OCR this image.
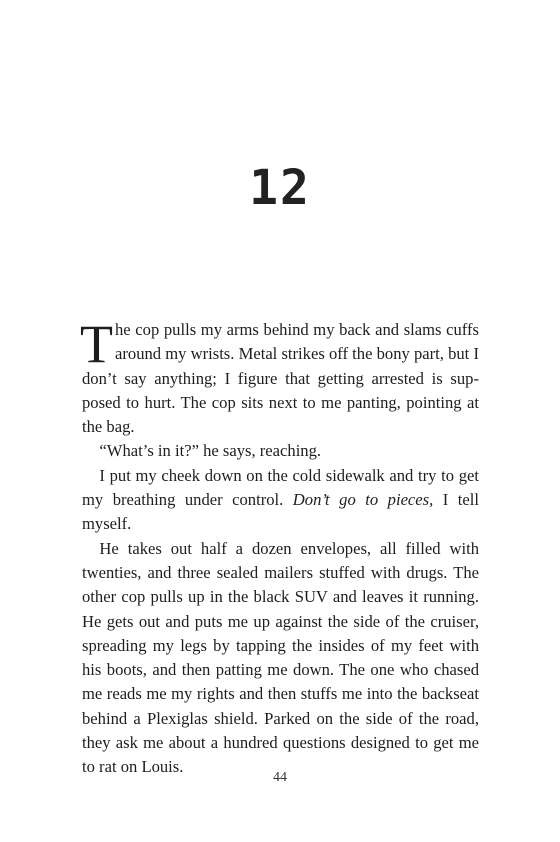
12

The cop pulls my arms behind my back and slams cuffs around my wrists. Metal strikes off the bony part, but I don’t say anything; I figure that getting arrested is supposed to hurt. The cop sits next to me panting, pointing at the bag.

“What’s in it?” he says, reaching.

I put my cheek down on the cold sidewalk and try to get my breathing under control. Don’t go to pieces, I tell myself.

He takes out half a dozen envelopes, all filled with twenties, and three sealed mailers stuffed with drugs. The other cop pulls up in the black SUV and leaves it running. He gets out and puts me up against the side of the cruiser, spreading my legs by tapping the insides of my feet with his boots, and then patting me down. The one who chased me reads me my rights and then stuffs me into the backseat behind a Plexiglas shield. Parked on the side of the road, they ask me about a hundred questions designed to get me to rat on Louis.

44
